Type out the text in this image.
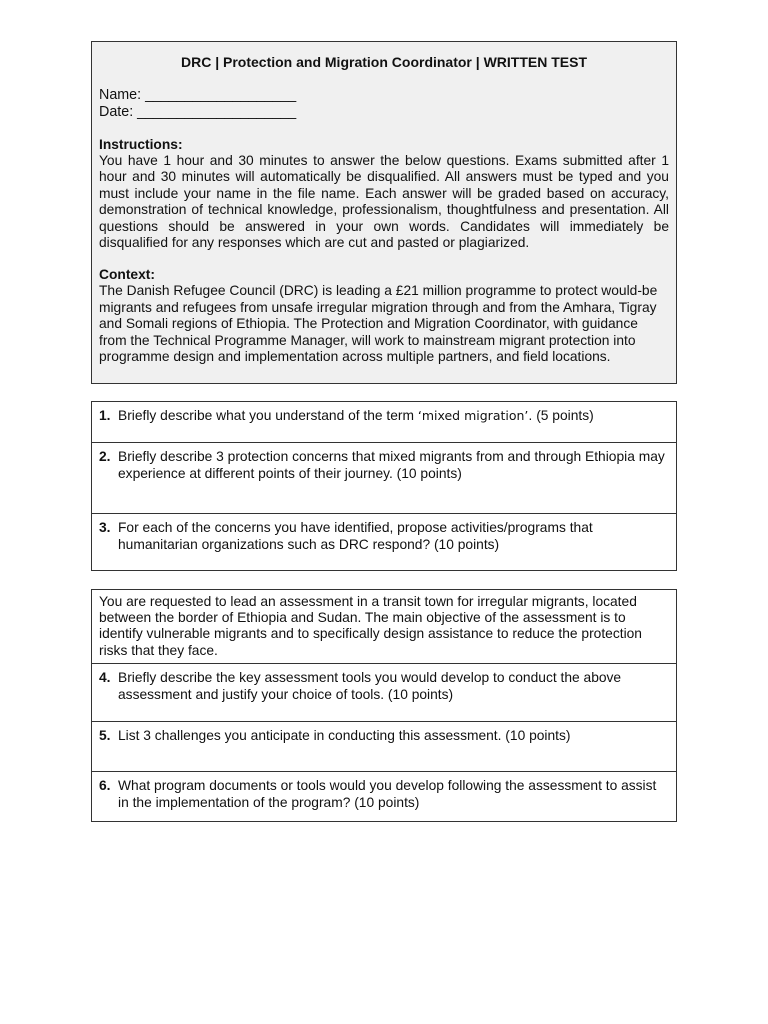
DRC | Protection and Migration Coordinator | WRITTEN TEST
Name: ___________________
Date: ____________________
Instructions:
You have 1 hour and 30 minutes to answer the below questions. Exams submitted after 1 hour and 30 minutes will automatically be disqualified. All answers must be typed and you must include your name in the file name. Each answer will be graded based on accuracy, demonstration of technical knowledge, professionalism, thoughtfulness and presentation. All questions should be answered in your own words. Candidates will immediately be disqualified for any responses which are cut and pasted or plagiarized.
Context:
The Danish Refugee Council (DRC) is leading a £21 million programme to protect would-be migrants and refugees from unsafe irregular migration through and from the Amhara, Tigray and Somali regions of Ethiopia. The Protection and Migration Coordinator, with guidance from the Technical Programme Manager, will work to mainstream migrant protection into programme design and implementation across multiple partners, and field locations.
1. Briefly describe what you understand of the term ‘mixed migration’. (5 points)
2. Briefly describe 3 protection concerns that mixed migrants from and through Ethiopia may experience at different points of their journey. (10 points)
3. For each of the concerns you have identified, propose activities/programs that humanitarian organizations such as DRC respond? (10 points)
You are requested to lead an assessment in a transit town for irregular migrants, located between the border of Ethiopia and Sudan. The main objective of the assessment is to identify vulnerable migrants and to specifically design assistance to reduce the protection risks that they face.
4. Briefly describe the key assessment tools you would develop to conduct the above assessment and justify your choice of tools. (10 points)
5. List 3 challenges you anticipate in conducting this assessment. (10 points)
6. What program documents or tools would you develop following the assessment to assist in the implementation of the program? (10 points)
